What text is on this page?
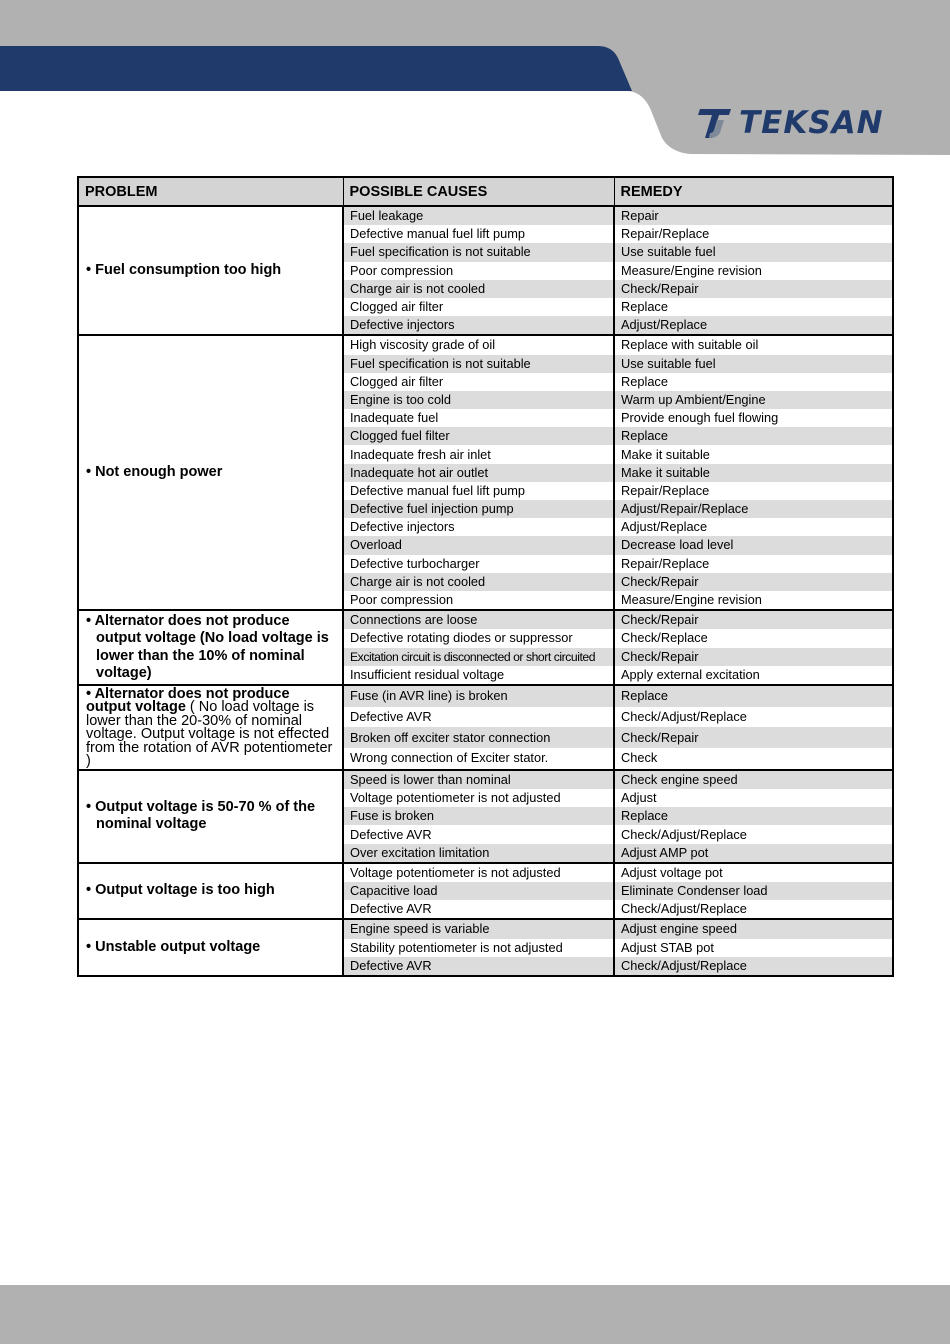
TEKSAN
PROBLEM	POSSIBLE CAUSES	REMEDY
• Fuel consumption too high	Fuel leakage	Repair
	Defective manual fuel lift pump	Repair/Replace
	Fuel specification is not suitable	Use suitable fuel
	Poor compression	Measure/Engine revision
	Charge air is not cooled	Check/Repair
	Clogged air filter	Replace
	Defective injectors	Adjust/Replace
• Not enough power	High viscosity grade of oil	Replace with suitable oil
	Fuel specification is not suitable	Use suitable fuel
	Clogged air filter	Replace
	Engine is too cold	Warm up Ambient/Engine
	Inadequate fuel	Provide enough fuel flowing
	Clogged fuel filter	Replace
	Inadequate fresh air inlet	Make it suitable
	Inadequate hot air outlet	Make it suitable
	Defective manual fuel lift pump	Repair/Replace
	Defective fuel injection pump	Adjust/Repair/Replace
	Defective injectors	Adjust/Replace
	Overload	Decrease load level
	Defective turbocharger	Repair/Replace
	Charge air is not cooled	Check/Repair
	Poor compression	Measure/Engine revision
• Alternator does not produce output voltage (No load voltage is lower than the 10% of nominal voltage)	Connections are loose	Check/Repair
	Defective rotating diodes or suppressor	Check/Replace
	Excitation circuit is disconnected or short circuited	Check/Repair
	Insufficient residual voltage	Apply external excitation
• Alternator does not produce output voltage ( No load voltage is lower than the 20-30% of nominal voltage. Output voltage is not effected from the rotation of AVR potentiometer )	Fuse (in AVR line) is broken	Replace
	Defective AVR	Check/Adjust/Replace
	Broken off exciter stator connection	Check/Repair
	Wrong connection of Exciter stator.	Check
• Output voltage is 50-70 % of the nominal voltage	Speed is lower than nominal	Check engine speed
	Voltage potentiometer is not adjusted	Adjust
	Fuse is broken	Replace
	Defective AVR	Check/Adjust/Replace
	Over excitation limitation	Adjust AMP pot
• Output voltage is too high	Voltage potentiometer is not adjusted	Adjust voltage pot
	Capacitive load	Eliminate Condenser load
	Defective AVR	Check/Adjust/Replace
• Unstable output voltage	Engine speed is variable	Adjust engine speed
	Stability potentiometer is not adjusted	Adjust STAB pot
	Defective AVR	Check/Adjust/Replace
